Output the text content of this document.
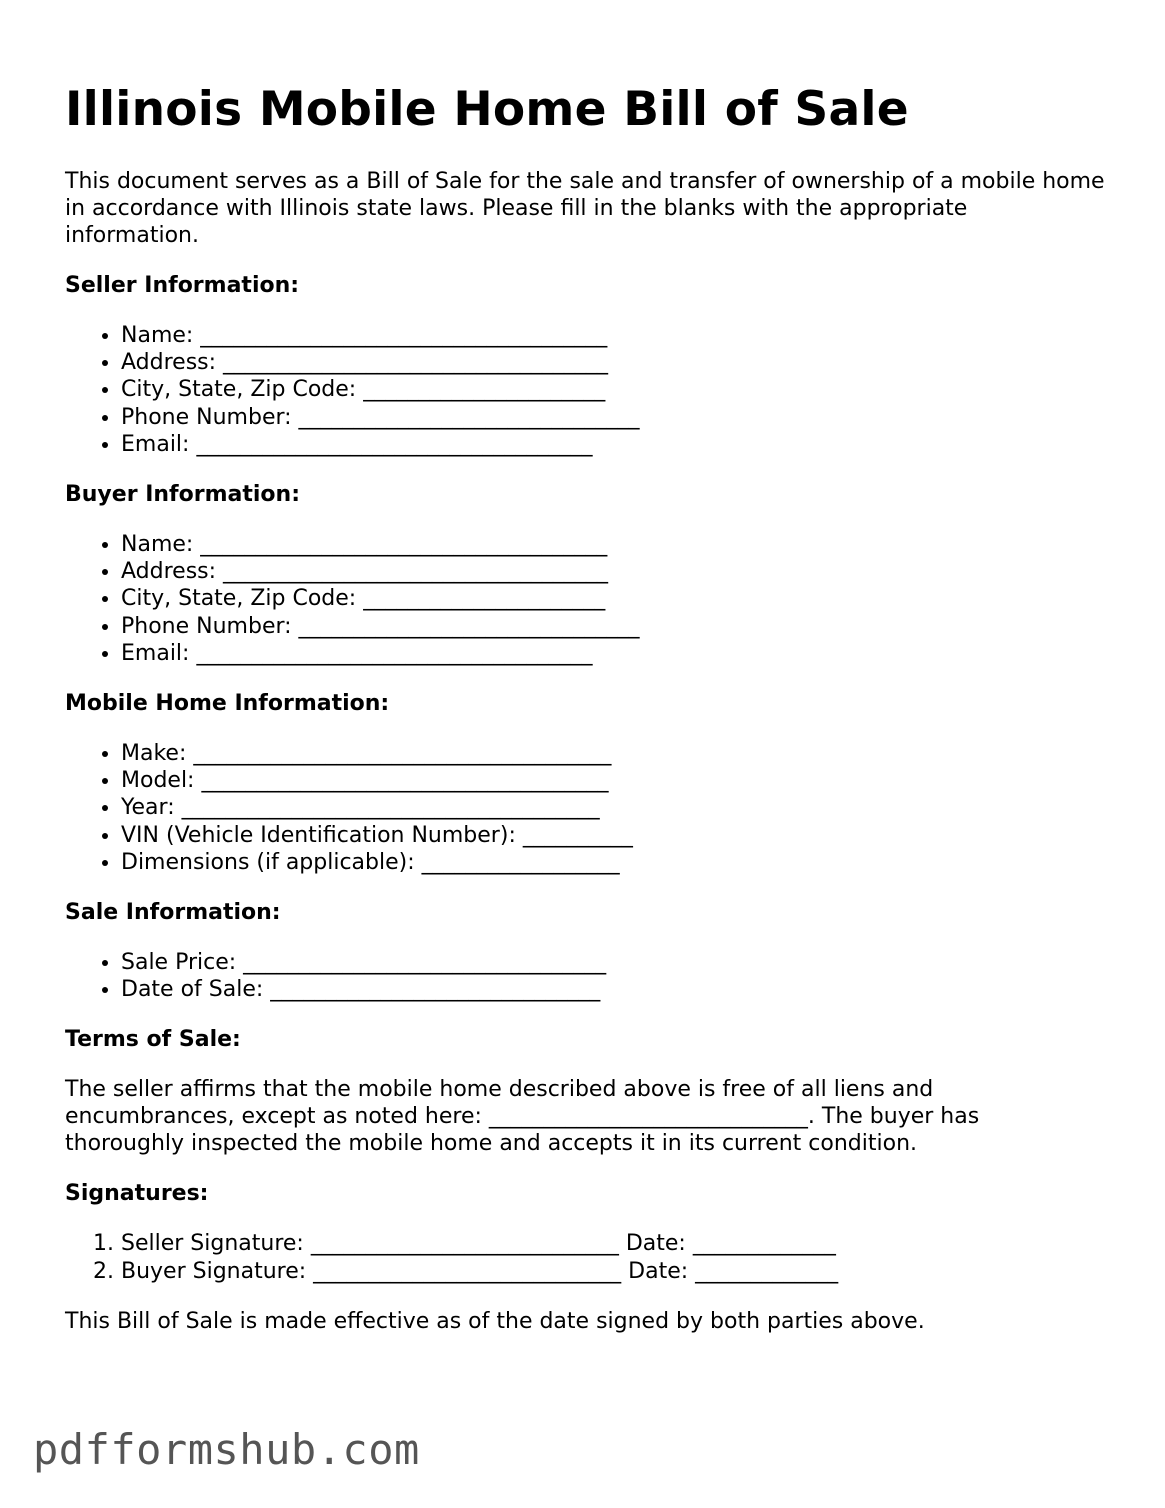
Illinois Mobile Home Bill of Sale

This document serves as a Bill of Sale for the sale and transfer of ownership of a mobile home in accordance with Illinois state laws. Please fill in the blanks with the appropriate information.

Seller Information:
• Name: _____________________________________
• Address: ___________________________________
• City, State, Zip Code: ______________________
• Phone Number: _______________________________
• Email: ____________________________________
Buyer Information:
• Name: _____________________________________
• Address: ___________________________________
• City, State, Zip Code: ______________________
• Phone Number: _______________________________
• Email: ____________________________________
Mobile Home Information:
• Make: ______________________________________
• Model: _____________________________________
• Year: ______________________________________
• VIN (Vehicle Identification Number): __________
• Dimensions (if applicable): __________________
Sale Information:
• Sale Price: _________________________________
• Date of Sale: ______________________________
Terms of Sale:

The seller affirms that the mobile home described above is free of all liens and encumbrances, except as noted here: _____________________________. The buyer has thoroughly inspected the mobile home and accepts it in its current condition.

Signatures:
1. Seller Signature: ____________________________ Date: _____________
2. Buyer Signature: ____________________________ Date: _____________

This Bill of Sale is made effective as of the date signed by both parties above.

pdfformshub.com
